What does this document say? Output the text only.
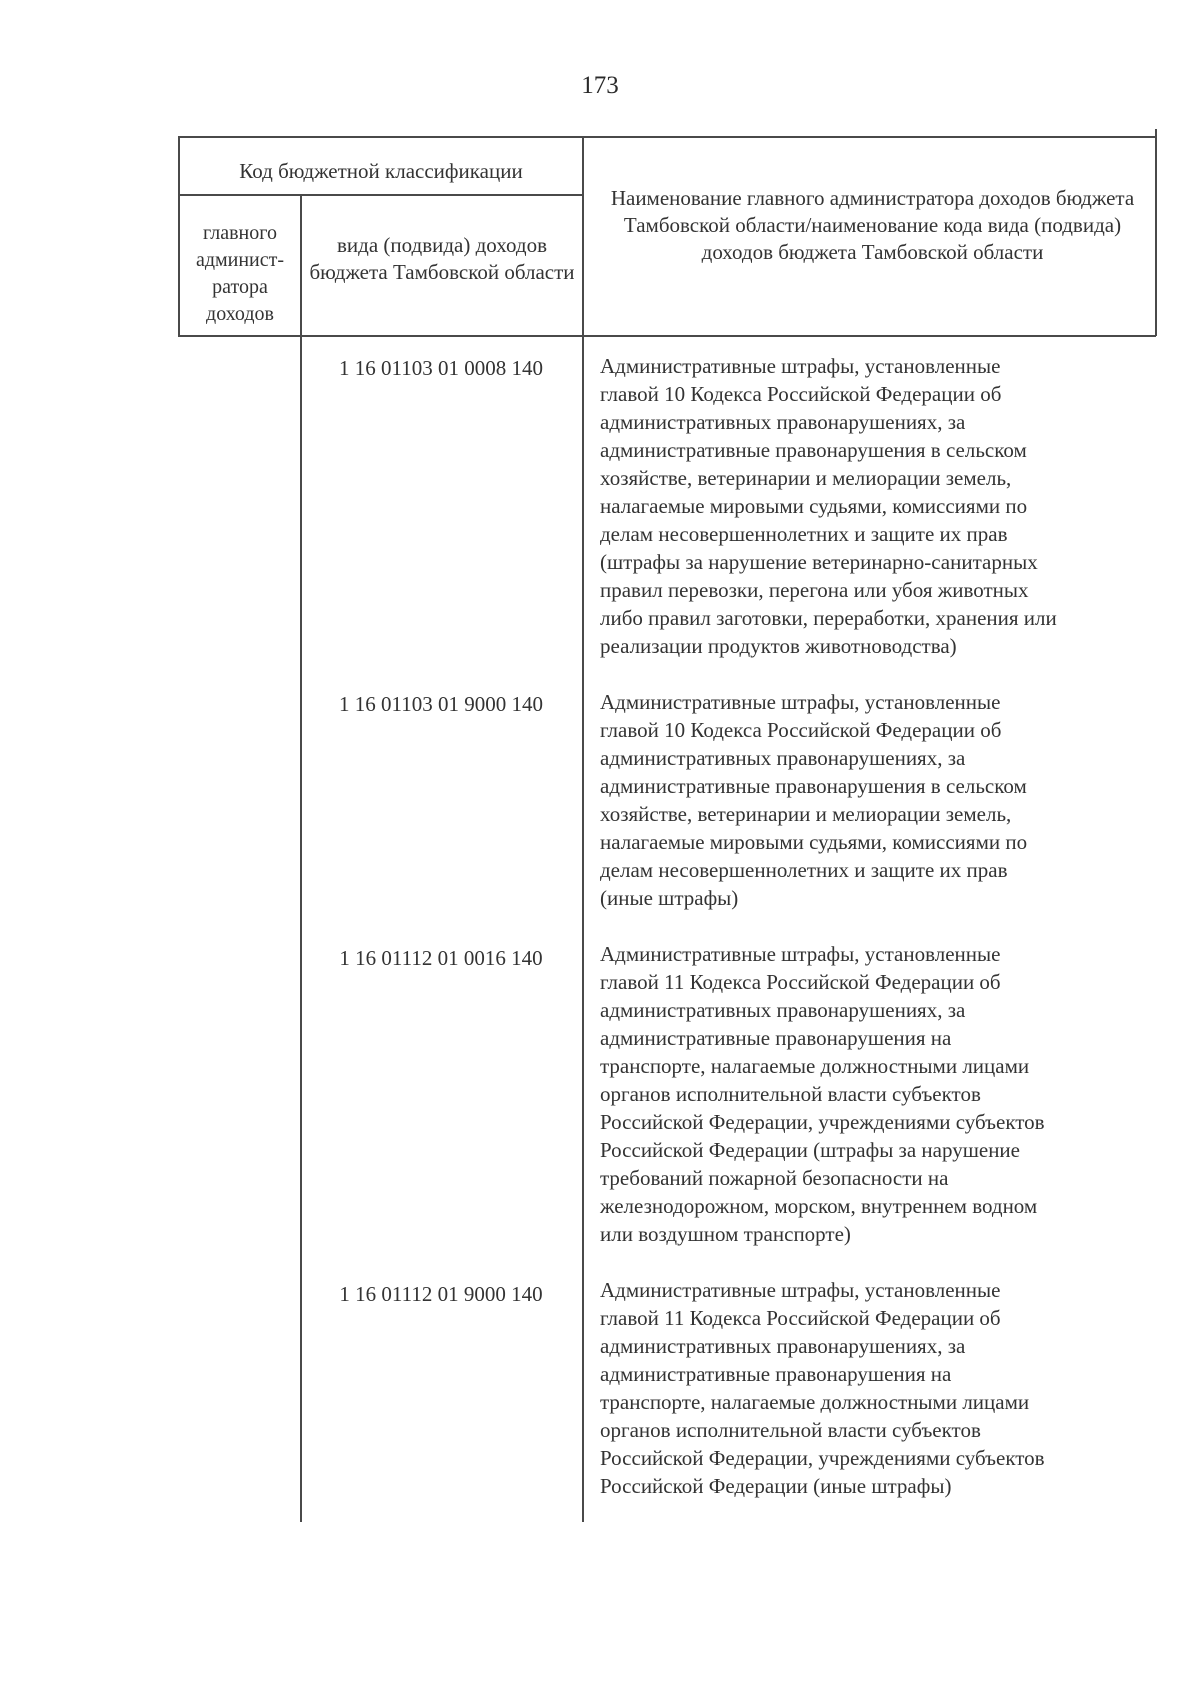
173
Код бюджетной классификации
главного админист-ратора доходов
вида (подвида) доходов бюджета Тамбовской области
Наименование главного администратора доходов бюджета Тамбовской области/наименование кода вида (подвида) доходов бюджета Тамбовской области
1 16 01103 01 0008 140	Административные штрафы, установленные
главой 10 Кодекса Российской Федерации об
административных правонарушениях, за
административные правонарушения в сельском
хозяйстве, ветеринарии и мелиорации земель,
налагаемые мировыми судьями, комиссиями по
делам несовершеннолетних и защите их прав
(штрафы за нарушение ветеринарно-санитарных
правил перевозки, перегона или убоя животных
либо правил заготовки, переработки, хранения или
реализации продуктов животноводства)
1 16 01103 01 9000 140	Административные штрафы, установленные
главой 10 Кодекса Российской Федерации об
административных правонарушениях, за
административные правонарушения в сельском
хозяйстве, ветеринарии и мелиорации земель,
налагаемые мировыми судьями, комиссиями по
делам несовершеннолетних и защите их прав
(иные штрафы)
1 16 01112 01 0016 140	Административные штрафы, установленные
главой 11 Кодекса Российской Федерации об
административных правонарушениях, за
административные правонарушения на
транспорте, налагаемые должностными лицами
органов исполнительной власти субъектов
Российской Федерации, учреждениями субъектов
Российской Федерации (штрафы за нарушение
требований пожарной безопасности на
железнодорожном, морском, внутреннем водном
или воздушном транспорте)
1 16 01112 01 9000 140	Административные штрафы, установленные
главой 11 Кодекса Российской Федерации об
административных правонарушениях, за
административные правонарушения на
транспорте, налагаемые должностными лицами
органов исполнительной власти субъектов
Российской Федерации, учреждениями субъектов
Российской Федерации (иные штрафы)
